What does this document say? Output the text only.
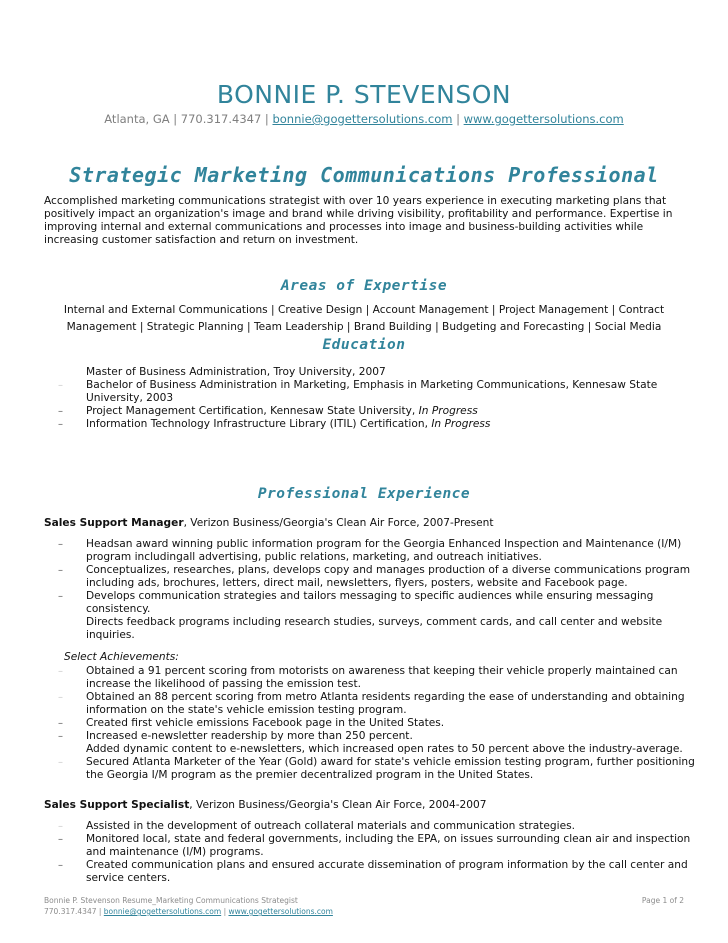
BONNIE P. STEVENSON
Atlanta, GA | 770.317.4347 | bonnie@gogettersolutions.com | www.gogettersolutions.com
Strategic Marketing Communications Professional
Accomplished marketing communications strategist with over 10 years experience in executing marketing plans that positively impact an organization's image and brand while driving visibility, profitability and performance. Expertise in improving internal and external communications and processes into image and business-building activities while increasing customer satisfaction and return on investment.
Areas of Expertise
Internal and External Communications | Creative Design | Account Management | Project Management | Contract
Management | Strategic Planning | Team Leadership | Brand Building | Budgeting and Forecasting | Social Media
Education
Master of Business Administration, Troy University, 2007
–	Bachelor of Business Administration in Marketing, Emphasis in Marketing Communications, Kennesaw State University, 2003
–	Project Management Certification, Kennesaw State University, In Progress
–	Information Technology Infrastructure Library (ITIL) Certification, In Progress
Professional Experience
Sales Support Manager, Verizon Business/Georgia's Clean Air Force, 2007-Present
–	Headsan award winning public information program for the Georgia Enhanced Inspection and Maintenance (I/M) program includingall advertising, public relations, marketing, and outreach initiatives.
–	Conceptualizes, researches, plans, develops copy and manages production of a diverse communications program including ads, brochures, letters, direct mail, newsletters, flyers, posters, website and Facebook page.
–	Develops communication strategies and tailors messaging to specific audiences while ensuring messaging consistency.
Directs feedback programs including research studies, surveys, comment cards, and call center and website inquiries.
Select Achievements:
–	Obtained a 91 percent scoring from motorists on awareness that keeping their vehicle properly maintained can increase the likelihood of passing the emission test.
–	Obtained an 88 percent scoring from metro Atlanta residents regarding the ease of understanding and obtaining information on the state's vehicle emission testing program.
–	Created first vehicle emissions Facebook page in the United States.
–	Increased e-newsletter readership by more than 250 percent.
Added dynamic content to e-newsletters, which increased open rates to 50 percent above the industry-average.
–	Secured Atlanta Marketer of the Year (Gold) award for state's vehicle emission testing program, further positioning the Georgia I/M program as the premier decentralized program in the United States.
Sales Support Specialist, Verizon Business/Georgia's Clean Air Force, 2004-2007
–	Assisted in the development of outreach collateral materials and communication strategies.
–	Monitored local, state and federal governments, including the EPA, on issues surrounding clean air and inspection and maintenance (I/M) programs.
–	Created communication plans and ensured accurate dissemination of program information by the call center and service centers.
Bonnie P. Stevenson Resume_Marketing Communications Strategist	Page 1 of 2
770.317.4347 | bonnie@gogettersolutions.com | www.gogettersolutions.com
